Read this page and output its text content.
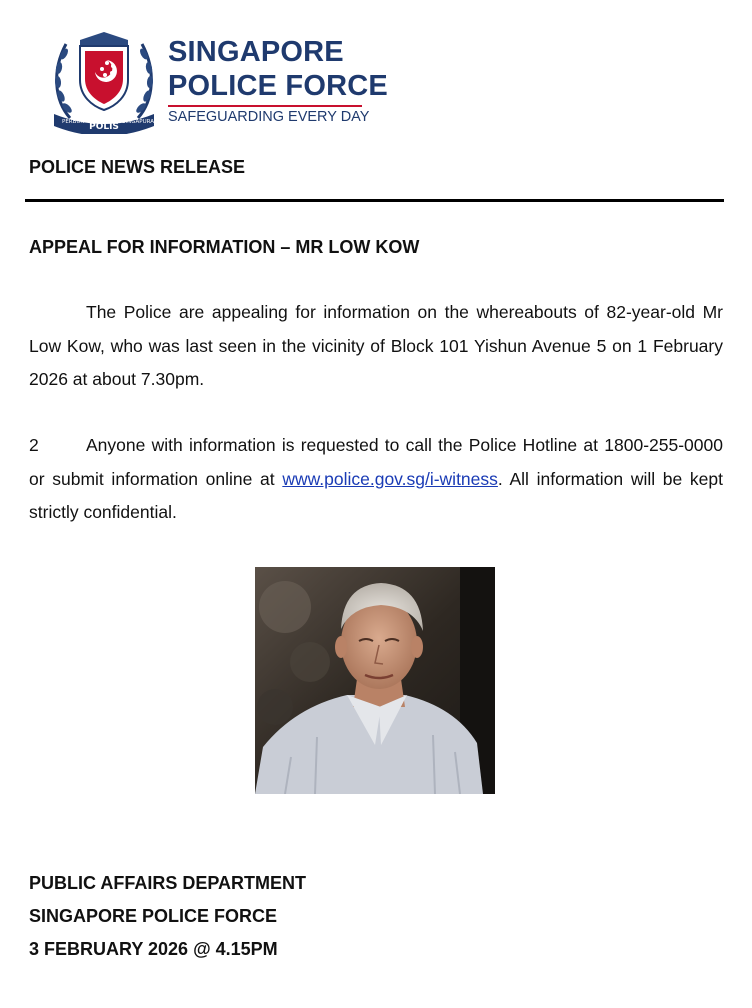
PERBUK POLIS SINGAPURA
SINGAPORE
POLICE FORCE
SAFEGUARDING EVERY DAY
POLICE NEWS RELEASE
APPEAL FOR INFORMATION – MR LOW KOW

The Police are appealing for information on the whereabouts of 82-year-old Mr Low Kow, who was last seen in the vicinity of Block 101 Yishun Avenue 5 on 1 February 2026 at about 7.30pm.

2	Anyone with information is requested to call the Police Hotline at 1800-255-0000 or submit information online at www.police.gov.sg/i-witness. All information will be kept strictly confidential.

PUBLIC AFFAIRS DEPARTMENT
SINGAPORE POLICE FORCE
3 FEBRUARY 2026 @ 4.15PM
